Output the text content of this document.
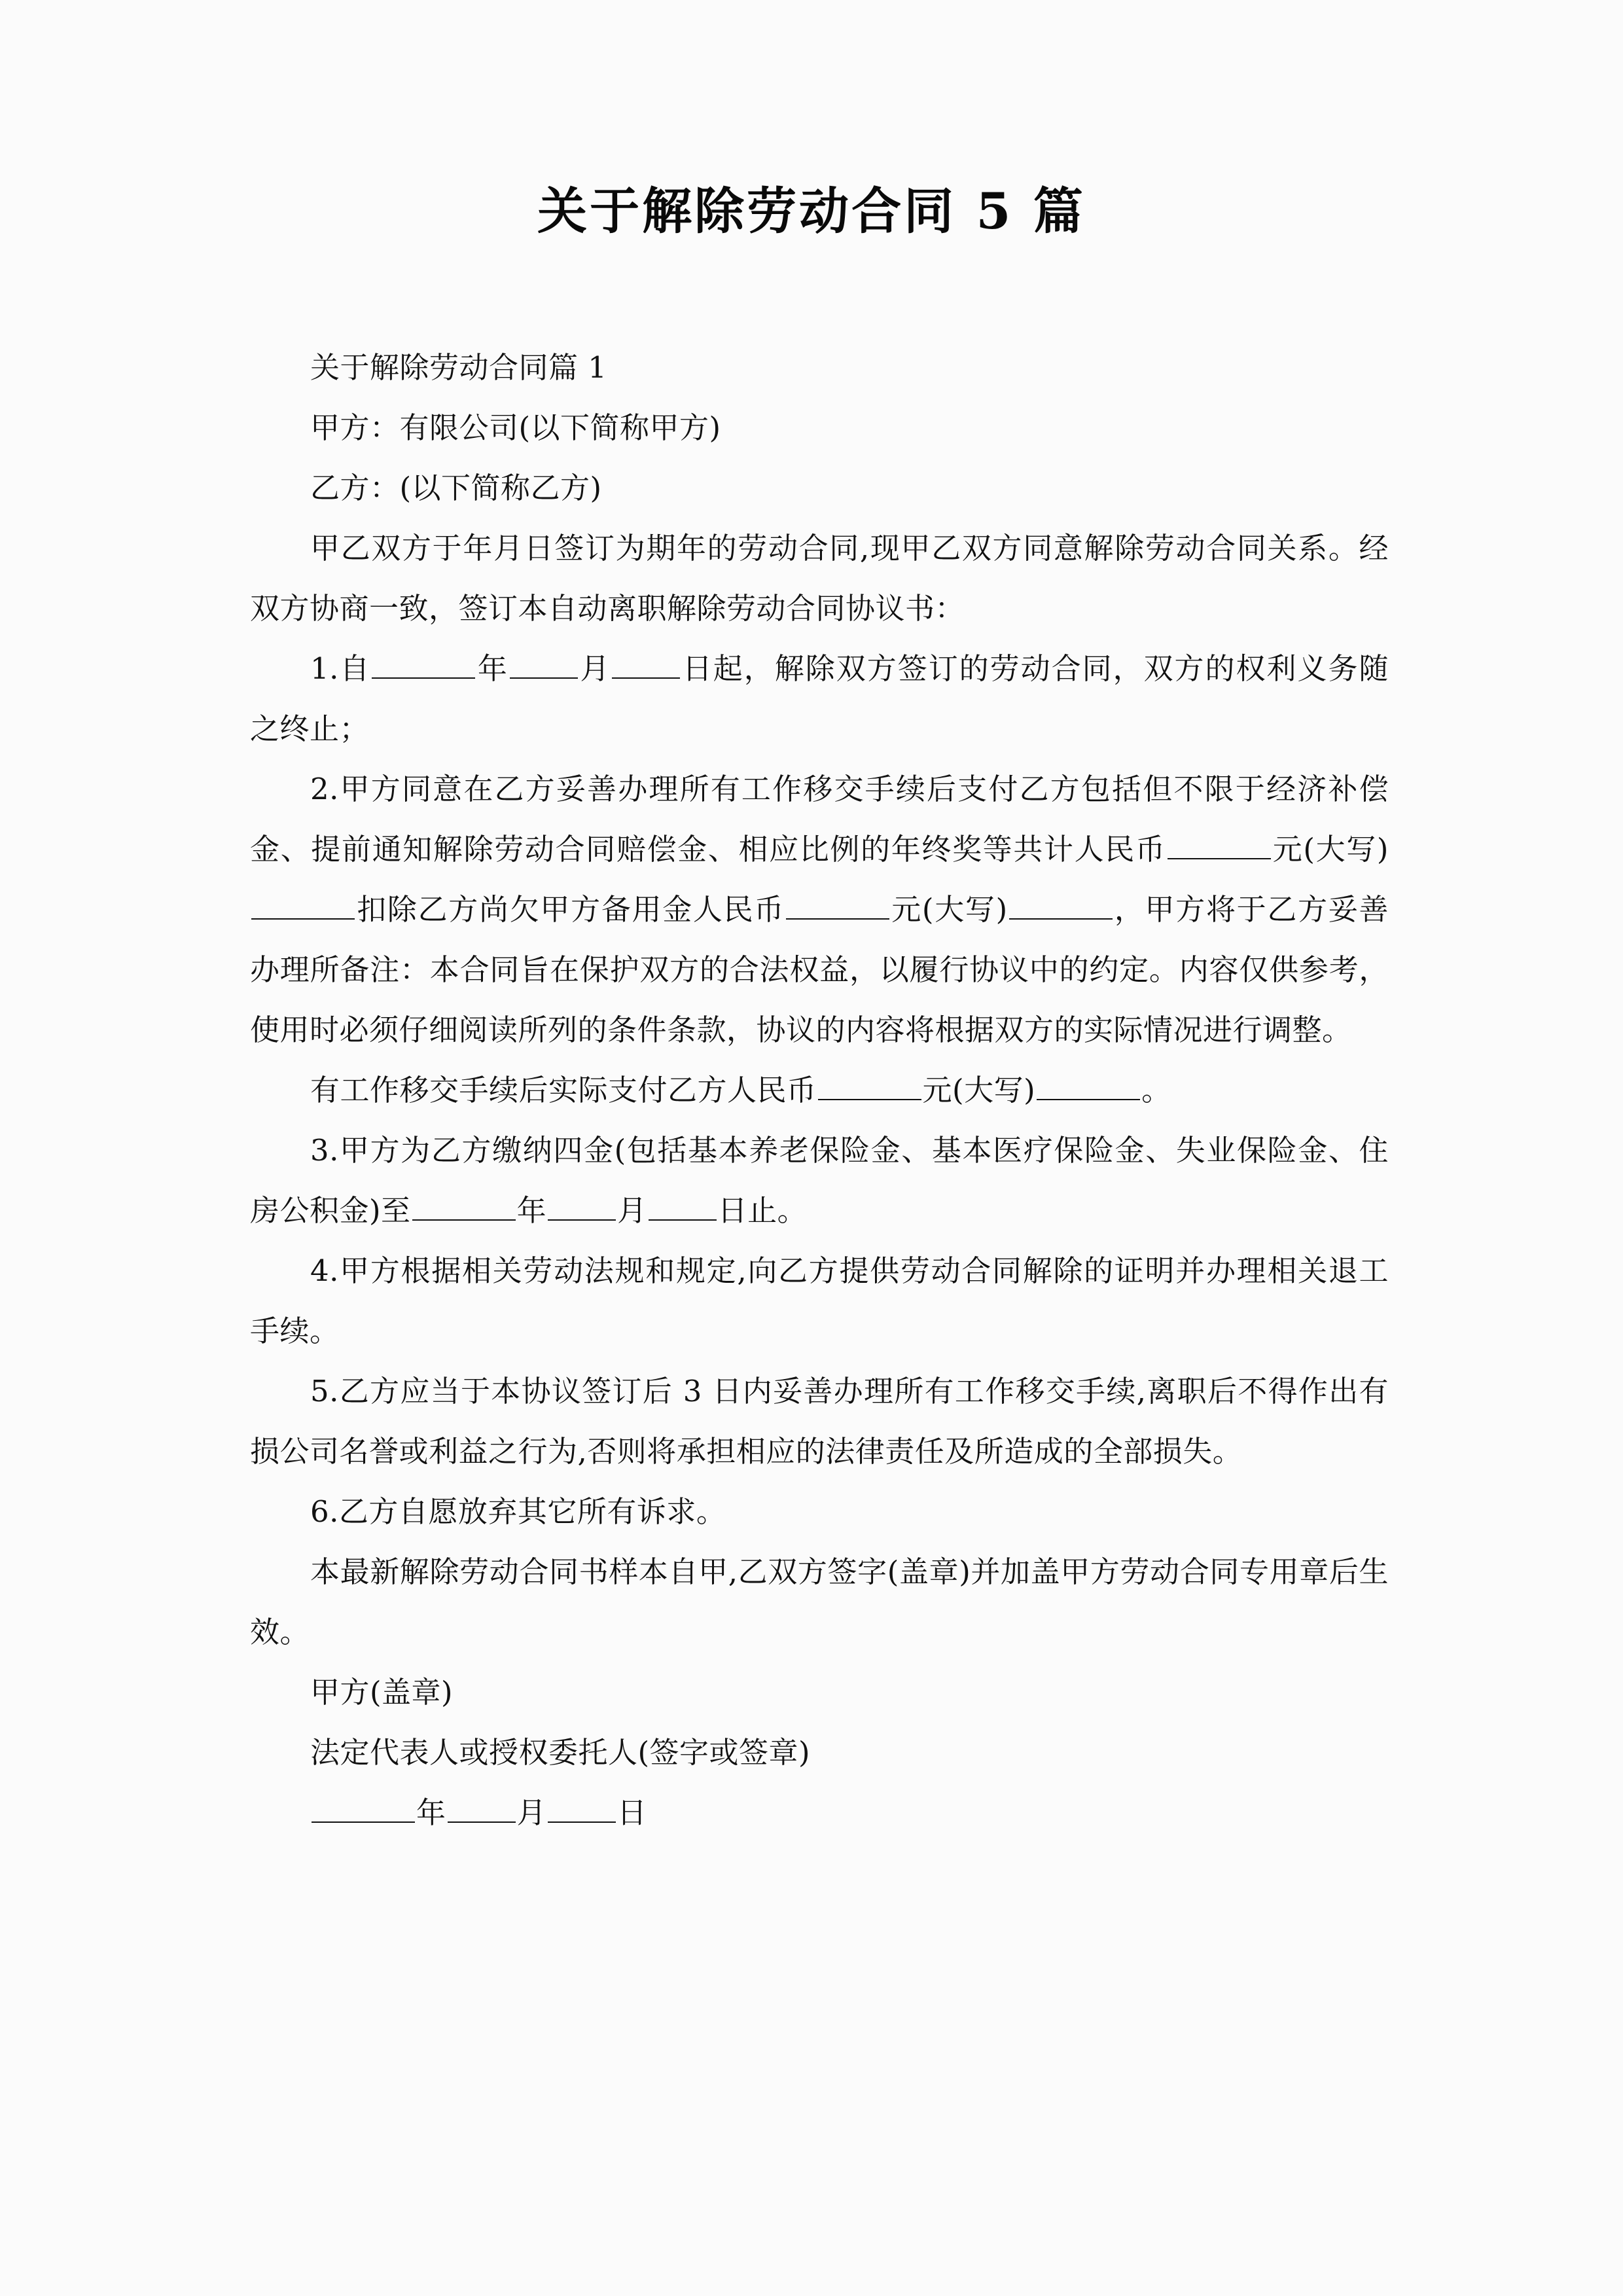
关于解除劳动合同 5 篇

关于解除劳动合同篇 1

甲方：有限公司(以下简称甲方)

乙方：(以下简称乙方)

甲乙双方于年月日签订为期年的劳动合同,现甲乙双方同意解除劳动合同关系。经双方协商一致，签订本自动离职解除劳动合同协议书：

1.自	年 月 日起，解除双方签订的劳动合同，双方的权利义务随之终止；

2.甲方同意在乙方妥善办理所有工作移交手续后支付乙方包括但不限于经济补偿金、提前通知解除劳动合同赔偿金、相应比例的年终奖等共计人民币	元(大写)扣除乙方尚欠甲方备用金人民币	元(大写)	，甲方将于乙方妥善办理所备注：本合同旨在保护双方的合法权益，以履行协议中的约定。内容仅供参考，使用时必须仔细阅读所列的条件条款，协议的内容将根据双方的实际情况进行调整。

有工作移交手续后实际支付乙方人民币	元(大写)	。

3.甲方为乙方缴纳四金(包括基本养老保险金、基本医疗保险金、失业保险金、住房公积金)至	年 月 日止。

4.甲方根据相关劳动法规和规定,向乙方提供劳动合同解除的证明并办理相关退工手续。

5.乙方应当于本协议签订后 3 日内妥善办理所有工作移交手续,离职后不得作出有损公司名誉或利益之行为,否则将承担相应的法律责任及所造成的全部损失。

6.乙方自愿放弃其它所有诉求。

本最新解除劳动合同书样本自甲,乙双方签字(盖章)并加盖甲方劳动合同专用章后生效。

甲方(盖章)

法定代表人或授权委托人(签字或签章)

年 月 日
